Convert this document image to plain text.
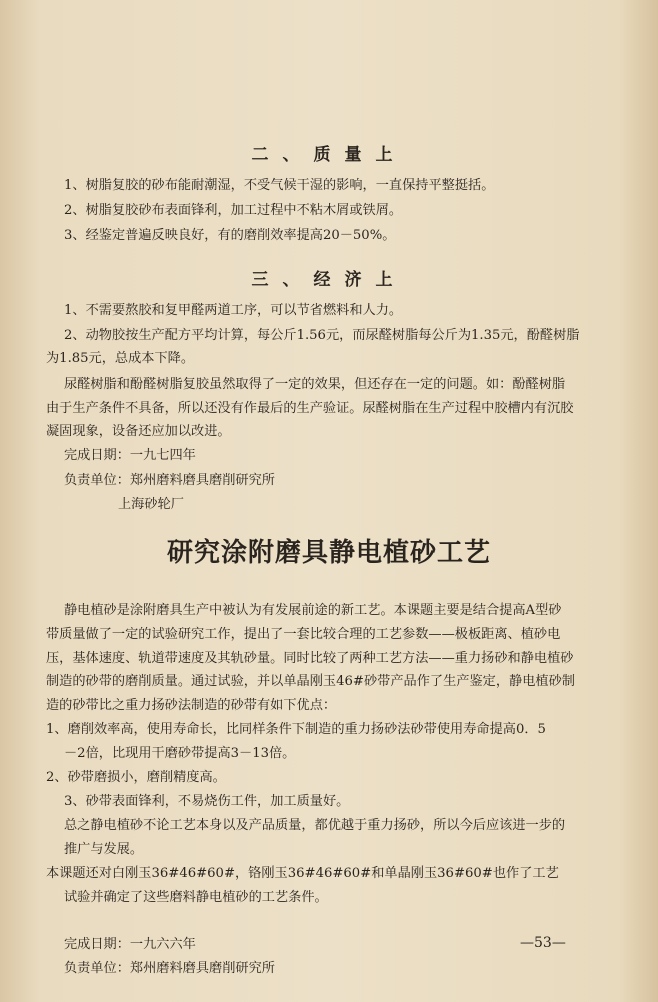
二、质量上
1、树脂复胶的砂布能耐潮湿，不受气候干湿的影响，一直保持平整挺括。
2、树脂复胶砂布表面锋利，加工过程中不粘木屑或铁屑。
3、经鉴定普遍反映良好，有的磨削效率提高20－50%。
三、经济上
1、不需要熬胶和复甲醛两道工序，可以节省燃料和人力。
2、动物胶按生产配方平均计算，每公斤1.56元，而尿醛树脂每公斤为1.35元，酚醛树脂
为1.85元，总成本下降。
尿醛树脂和酚醛树脂复胶虽然取得了一定的效果，但还存在一定的问题。如：酚醛树脂
由于生产条件不具备，所以还没有作最后的生产验证。尿醛树脂在生产过程中胶槽内有沉胶
凝固现象，设备还应加以改进。
完成日期：一九七四年
负责单位：郑州磨料磨具磨削研究所
上海砂轮厂
研究涂附磨具静电植砂工艺
静电植砂是涂附磨具生产中被认为有发展前途的新工艺。本课题主要是结合提高A型砂
带质量做了一定的试验研究工作，提出了一套比较合理的工艺参数——极板距离、植砂电
压，基体速度、轨道带速度及其轨砂量。同时比较了两种工艺方法——重力扬砂和静电植砂
制造的砂带的磨削质量。通过试验，并以单晶刚玉46#砂带产品作了生产鉴定，静电植砂制
造的砂带比之重力扬砂法制造的砂带有如下优点：
1、磨削效率高，使用寿命长，比同样条件下制造的重力扬砂法砂带使用寿命提高0．5
－2倍，比现用干磨砂带提高3－13倍。
2、砂带磨损小，磨削精度高。
3、砂带表面锋利，不易烧伤工件，加工质量好。
总之静电植砂不论工艺本身以及产品质量，都优越于重力扬砂，所以今后应该进一步的
推广与发展。
本课题还对白刚玉36#46#60#，铬刚玉36#46#60#和单晶刚玉36#60#也作了工艺
试验并确定了这些磨料静电植砂的工艺条件。
完成日期：一九六六年
负责单位：郑州磨料磨具磨削研究所
—53—
